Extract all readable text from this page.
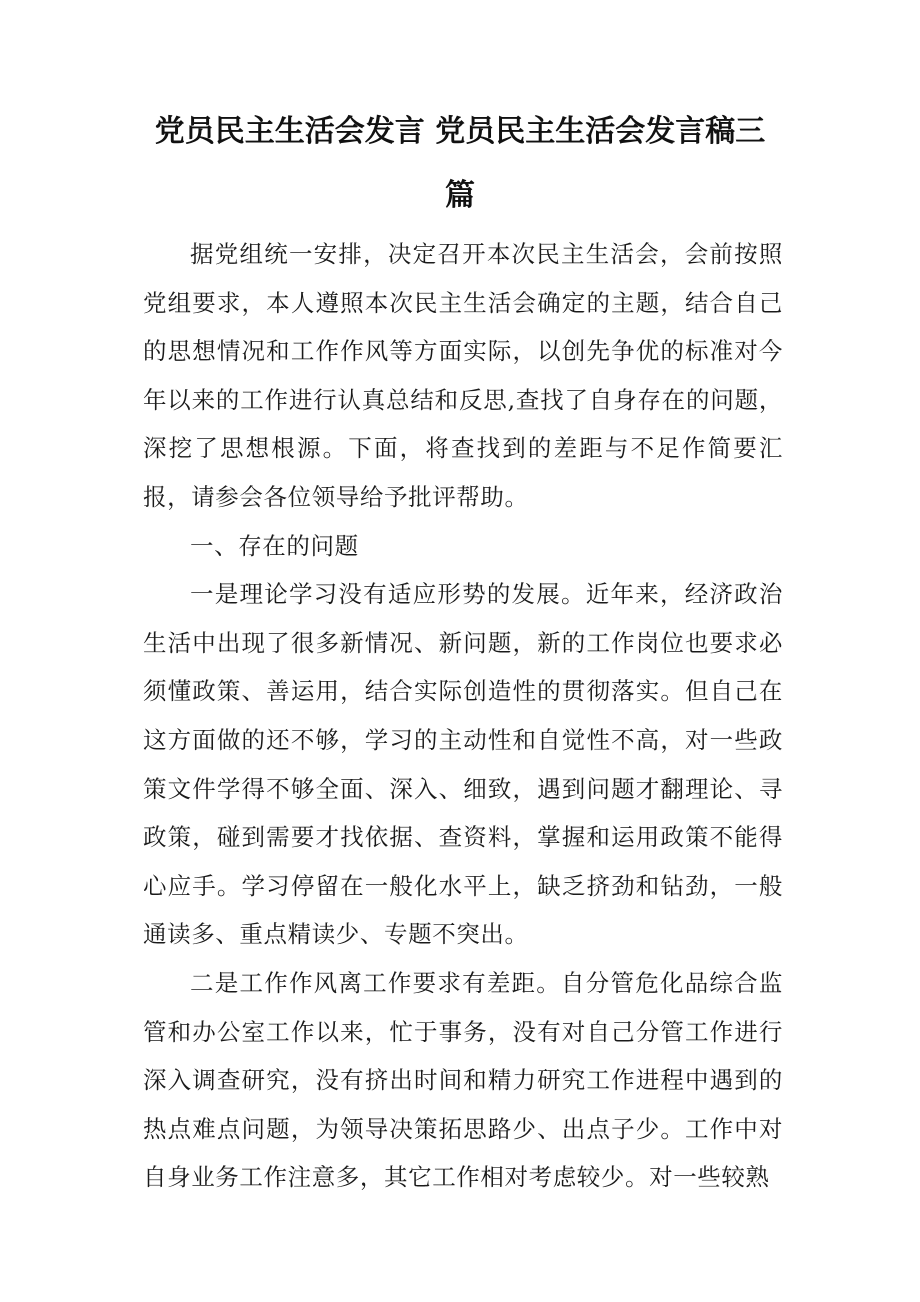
党员民主生活会发言 党员民主生活会发言稿三篇

据党组统一安排，决定召开本次民主生活会，会前按照党组要求，本人遵照本次民主生活会确定的主题，结合自己的思想情况和工作作风等方面实际，以创先争优的标准对今年以来的工作进行认真总结和反思,查找了自身存在的问题，深挖了思想根源。下面，将查找到的差距与不足作简要汇报，请参会各位领导给予批评帮助。

一、存在的问题

一是理论学习没有适应形势的发展。近年来，经济政治生活中出现了很多新情况、新问题，新的工作岗位也要求必须懂政策、善运用，结合实际创造性的贯彻落实。但自己在这方面做的还不够，学习的主动性和自觉性不高，对一些政策文件学得不够全面、深入、细致，遇到问题才翻理论、寻政策，碰到需要才找依据、查资料，掌握和运用政策不能得心应手。学习停留在一般化水平上，缺乏挤劲和钻劲，一般通读多、重点精读少、专题不突出。

二是工作作风离工作要求有差距。自分管危化品综合监管和办公室工作以来，忙于事务，没有对自己分管工作进行深入调查研究，没有挤出时间和精力研究工作进程中遇到的热点难点问题，为领导决策拓思路少、出点子少。工作中对自身业务工作注意多，其它工作相对考虑较少。对一些较熟
